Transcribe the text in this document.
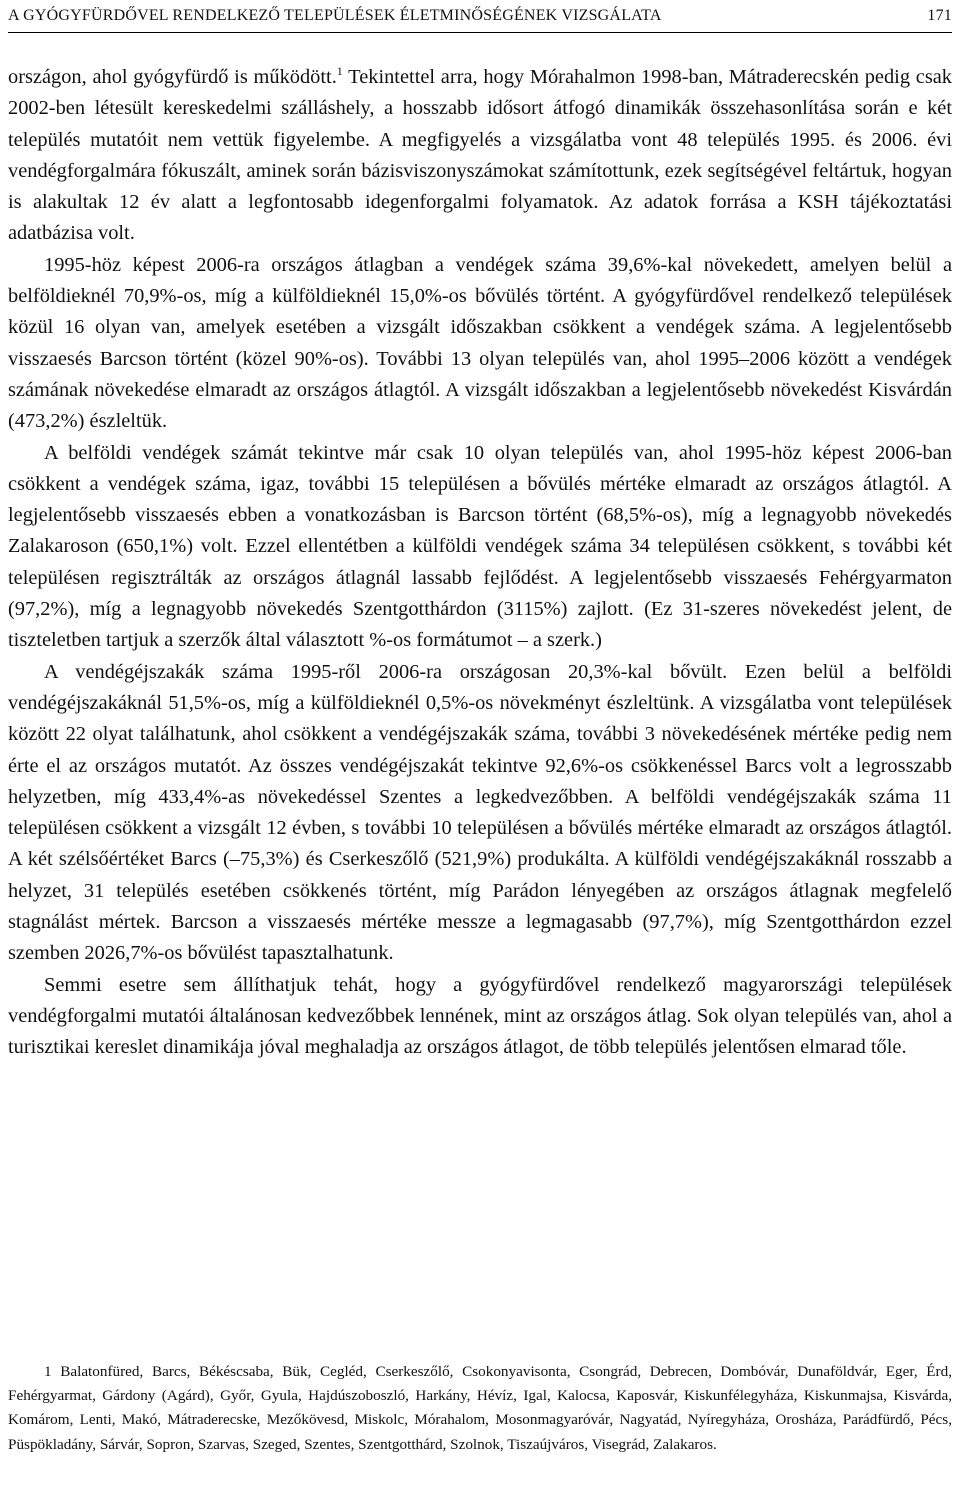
A GYÓGYFÜRDŐVEL RENDELKEZŐ TELEPÜLÉSEK ÉLETMINŐSÉGÉNEK VIZSGÁLATA	171

országon, ahol gyógyfürdő is működött.$^1$ Tekintettel arra, hogy Mórahalmon 1998-ban, Mátraderecskén pedig csak 2002-ben létesült kereskedelmi szálláshely, a hosszabb idősort átfogó dinamikák összehasonlítása során e két település mutatóit nem vettük figyelembe. A megfigyelés a vizsgálatba vont 48 település 1995. és 2006. évi vendégforgalmára fókuszált, aminek során bázisviszonyszámokat számítottunk, ezek segítségével feltártuk, hogyan is alakultak 12 év alatt a legfontosabb idegenforgalmi folyamatok. Az adatok forrása a KSH tájékoztatási adatbázisa volt.

1995-höz képest 2006-ra országos átlagban a vendégek száma 39,6%-kal növekedett, amelyen belül a belföldieknél 70,9%-os, míg a külföldieknél 15,0%-os bővülés történt. A gyógyfürdővel rendelkező települések közül 16 olyan van, amelyek esetében a vizsgált időszakban csökkent a vendégek száma. A legjelentősebb visszaesés Barcson történt (közel 90%-os). További 13 olyan település van, ahol 1995–2006 között a vendégek számának növekedése elmaradt az országos átlagtól. A vizsgált időszakban a legjelentősebb növekedést Kisvárdán (473,2%) észleltük.

A belföldi vendégek számát tekintve már csak 10 olyan település van, ahol 1995-höz képest 2006-ban csökkent a vendégek száma, igaz, további 15 településen a bővülés mértéke elmaradt az országos átlagtól. A legjelentősebb visszaesés ebben a vonatkozásban is Barcson történt (68,5%-os), míg a legnagyobb növekedés Zalakaroson (650,1%) volt. Ezzel ellentétben a külföldi vendégek száma 34 településen csökkent, s további két településen regisztrálták az országos átlagnál lassabb fejlődést. A legjelentősebb visszaesés Fehérgyarmaton (97,2%), míg a legnagyobb növekedés Szentgotthárdon (3115%) zajlott. (Ez 31-szeres növekedést jelent, de tiszteletben tartjuk a szerzők által választott %-os formátumot – a szerk.)

A vendégéjszakák száma 1995-ről 2006-ra országosan 20,3%-kal bővült. Ezen belül a belföldi vendégéjszakáknál 51,5%-os, míg a külföldieknél 0,5%-os növekményt észleltünk. A vizsgálatba vont települések között 22 olyat találhatunk, ahol csökkent a vendégéjszakák száma, további 3 növekedésének mértéke pedig nem érte el az országos mutatót. Az összes vendégéjszakát tekintve 92,6%-os csökkenéssel Barcs volt a legrosszabb helyzetben, míg 433,4%-as növekedéssel Szentes a legkedvezőbben. A belföldi vendégéjszakák száma 11 településen csökkent a vizsgált 12 évben, s további 10 településen a bővülés mértéke elmaradt az országos átlagtól. A két szélsőértéket Barcs (–75,3%) és Cserkeszőlő (521,9%) produkálta. A külföldi vendégéjszakáknál rosszabb a helyzet, 31 település esetében csökkenés történt, míg Parádon lényegében az országos átlagnak megfelelő stagnálást mértek. Barcson a visszaesés mértéke messze a legmagasabb (97,7%), míg Szentgotthárdon ezzel szemben 2026,7%-os bővülést tapasztalhatunk.

Semmi esetre sem állíthatjuk tehát, hogy a gyógyfürdővel rendelkező magyarországi települések vendégforgalmi mutatói általánosan kedvezőbbek lennének, mint az országos átlag. Sok olyan település van, ahol a turisztikai kereslet dinamikája jóval meghaladja az országos átlagot, de több település jelentősen elmarad tőle.

1 Balatonfüred, Barcs, Békéscsaba, Bük, Cegléd, Cserkeszőlő, Csokonyavisonta, Csongrád, Debrecen, Dombóvár, Dunaföldvár, Eger, Érd, Fehérgyarmat, Gárdony (Agárd), Győr, Gyula, Hajdúszoboszló, Harkány, Hévíz, Igal, Kalocsa, Kaposvár, Kiskunfélegyháza, Kiskunmajsa, Kisvárda, Komárom, Lenti, Makó, Mátraderecske, Mezőkövesd, Miskolc, Mórahalom, Mosonmagyaróvár, Nagyatád, Nyíregyháza, Orosháza, Parádfürdő, Pécs, Püspökladány, Sárvár, Sopron, Szarvas, Szeged, Szentes, Szentgotthárd, Szolnok, Tiszaújváros, Visegrád, Zalakaros.
